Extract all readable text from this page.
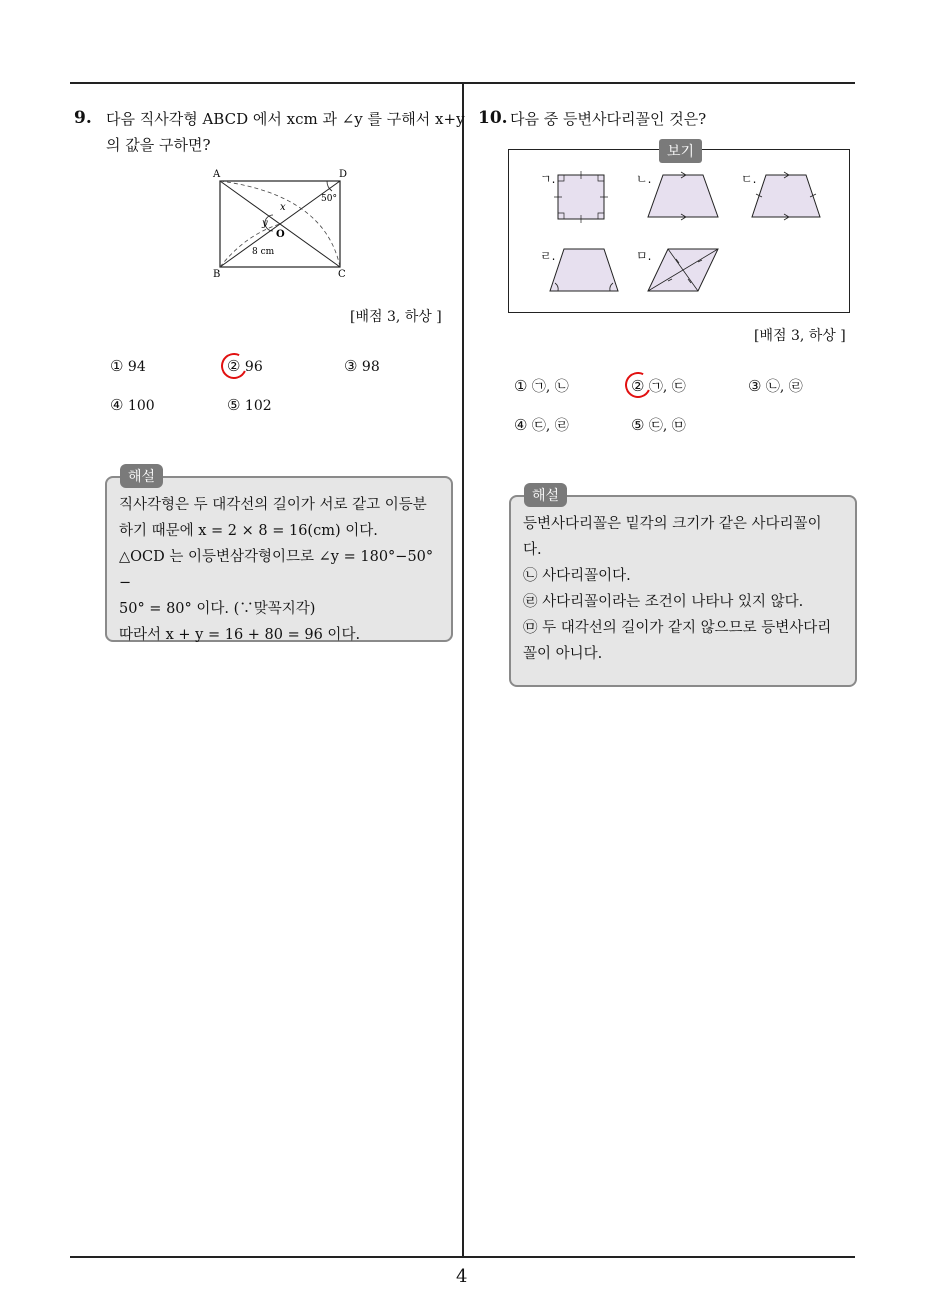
4
9. 다음 직사각형 ABCD 에서 xcm 과 ∠y 를 구해서 x+y
의 값을 구하면?
A	D
B	C
O
x
y
50°
8 cm
[배점 3, 하상 ]
① 94	② 96	③ 98
④ 100	⑤ 102
직사각형은 두 대각선의 길이가 서로 같고 이등분
하기 때문에 x = 2 × 8 = 16(cm) 이다.
△OCD 는 이등변삼각형이므로 ∠y = 180°−50°−
50° = 80° 이다. (∵맞꼭지각)
따라서 x + y = 16 + 80 = 96 이다.
해설
10. 다음 중 등변사다리꼴인 것은?
보기
ㄱ.	ㄴ.	ㄷ.
ㄹ.	ㅁ.
[배점 3, 하상 ]
① ㉠, ㉡	② ㉠, ㉢	③ ㉡, ㉣
④ ㉢, ㉣	⑤ ㉢, ㉤
등변사다리꼴은 밑각의 크기가 같은 사다리꼴이
다.
㉡ 사다리꼴이다.
㉣ 사다리꼴이라는 조건이 나타나 있지 않다.
㉤ 두 대각선의 길이가 같지 않으므로 등변사다리
꼴이 아니다.
해설
